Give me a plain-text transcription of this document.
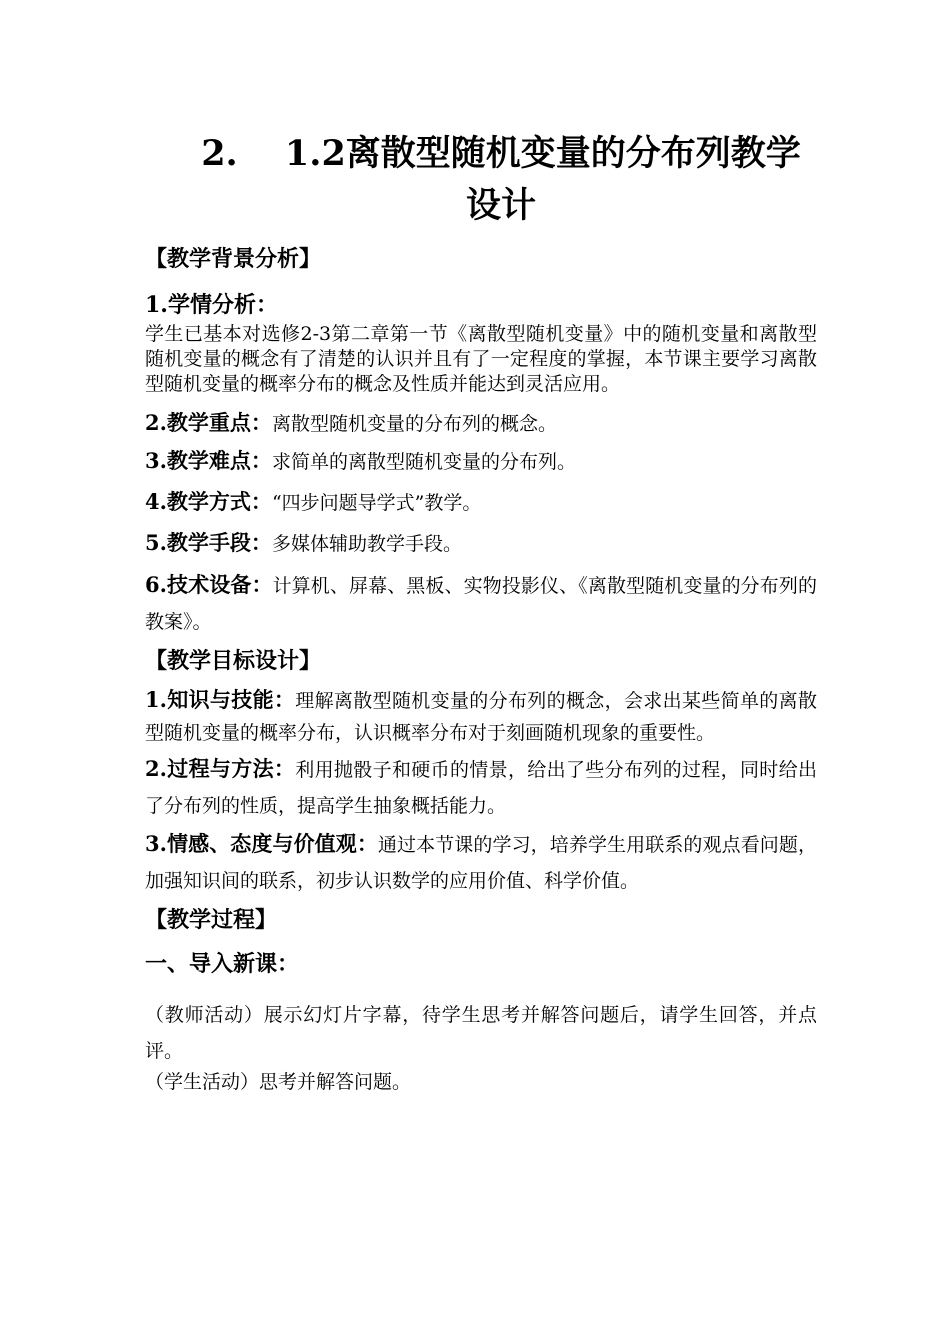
2.　 1.2离散型随机变量的分布列教学
设计
【教学背景分析】
1.学情分析：
学生已基本对选修2-3第二章第一节《离散型随机变量》中的随机变量和离散型随机变量的概念有了清楚的认识并且有了一定程度的掌握，本节课主要学习离散型随机变量的概率分布的概念及性质并能达到灵活应用。
2.教学重点：离散型随机变量的分布列的概念。
3.教学难点：求简单的离散型随机变量的分布列。
4.教学方式：“四步问题导学式”教学。
5.教学手段：多媒体辅助教学手段。
6.技术设备：计算机、屏幕、黑板、实物投影仪、《离散型随机变量的分布列的教案》。
【教学目标设计】
1.知识与技能：理解离散型随机变量的分布列的概念，会求出某些简单的离散型随机变量的概率分布，认识概率分布对于刻画随机现象的重要性。
2.过程与方法：利用抛骰子和硬币的情景，给出了些分布列的过程，同时给出了分布列的性质，提高学生抽象概括能力。
3.情感、态度与价值观：通过本节课的学习，培养学生用联系的观点看问题，加强知识间的联系，初步认识数学的应用价值、科学价值。
【教学过程】
一、导入新课：
（教师活动）展示幻灯片字幕，待学生思考并解答问题后，请学生回答，并点评。
（学生活动）思考并解答问题。
